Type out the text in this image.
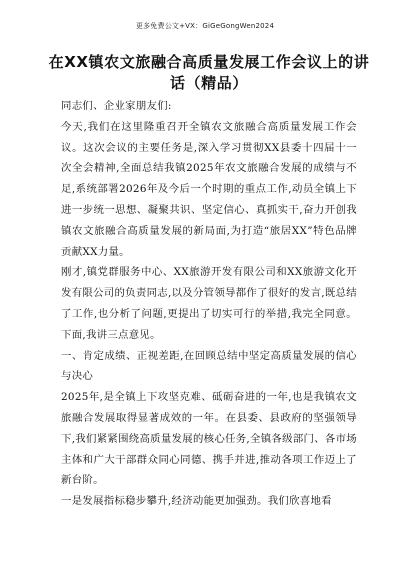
更多免费公文+VX：GiGeGongWen2024
在XX镇农文旅融合高质量发展工作会议上的讲话（精品）

同志们、企业家朋友们:

今天,我们在这里隆重召开全镇农文旅融合高质量发展工作会议。这次会议的主要任务是,深入学习贯彻XX县委十四届十一次全会精神,全面总结我镇2025年农文旅融合发展的成绩与不足,系统部署2026年及今后一个时期的重点工作,动员全镇上下进一步统一思想、凝聚共识、坚定信心、真抓实干,奋力开创我镇农文旅融合高质量发展的新局面,为打造“旅居XX”特色品牌贡献XX力量。

刚才,镇党群服务中心、XX旅游开发有限公司和XX旅游文化开发有限公司的负责同志,以及分管领导都作了很好的发言,既总结了工作,也分析了问题,更提出了切实可行的举措,我完全同意。下面,我讲三点意见。

一、肯定成绩、正视差距,在回顾总结中坚定高质量发展的信心与决心

2025年,是全镇上下攻坚克难、砥砺奋进的一年,也是我镇农文旅融合发展取得显著成效的一年。在县委、县政府的坚强领导下,我们紧紧围绕高质量发展的核心任务,全镇各级部门、各市场主体和广大干部群众同心同德、携手并进,推动各项工作迈上了新台阶。

一是发展指标稳步攀升,经济动能更加强劲。我们欣喜地看
